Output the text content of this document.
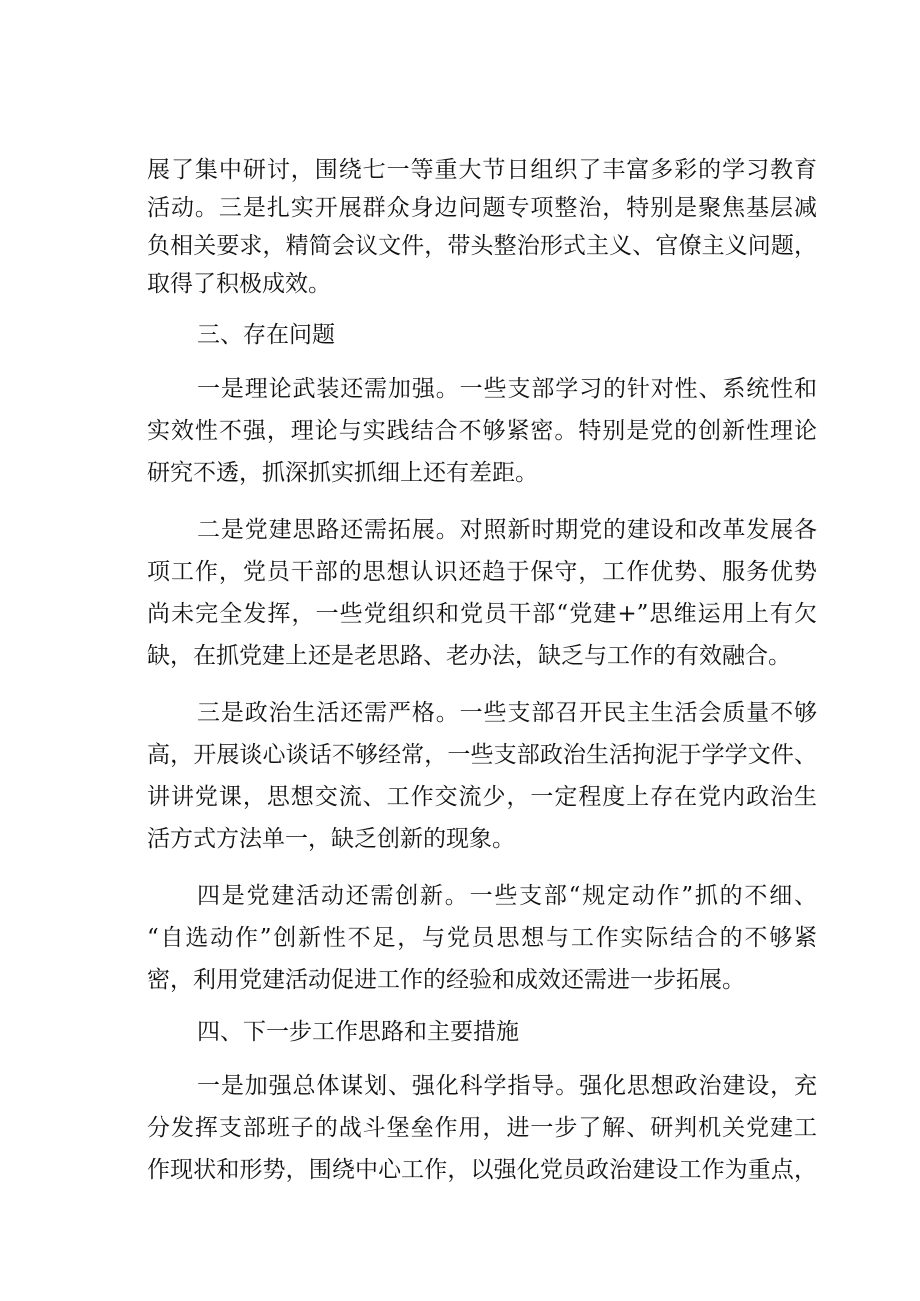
展了集中研讨，围绕七一等重大节日组织了丰富多彩的学习教育
活动。三是扎实开展群众身边问题专项整治，特别是聚焦基层减
负相关要求，精简会议文件，带头整治形式主义、官僚主义问题，
取得了积极成效。
三、存在问题
一是理论武装还需加强。一些支部学习的针对性、系统性和
实效性不强，理论与实践结合不够紧密。特别是党的创新性理论
研究不透，抓深抓实抓细上还有差距。
二是党建思路还需拓展。对照新时期党的建设和改革发展各
项工作，党员干部的思想认识还趋于保守，工作优势、服务优势
尚未完全发挥，一些党组织和党员干部“党建+”思维运用上有欠
缺，在抓党建上还是老思路、老办法，缺乏与工作的有效融合。
三是政治生活还需严格。一些支部召开民主生活会质量不够
高，开展谈心谈话不够经常，一些支部政治生活拘泥于学学文件、
讲讲党课，思想交流、工作交流少，一定程度上存在党内政治生
活方式方法单一，缺乏创新的现象。
四是党建活动还需创新。一些支部“规定动作”抓的不细、
“自选动作”创新性不足，与党员思想与工作实际结合的不够紧
密，利用党建活动促进工作的经验和成效还需进一步拓展。
四、下一步工作思路和主要措施
一是加强总体谋划、强化科学指导。强化思想政治建设，充
分发挥支部班子的战斗堡垒作用，进一步了解、研判机关党建工
作现状和形势，围绕中心工作，以强化党员政治建设工作为重点，
